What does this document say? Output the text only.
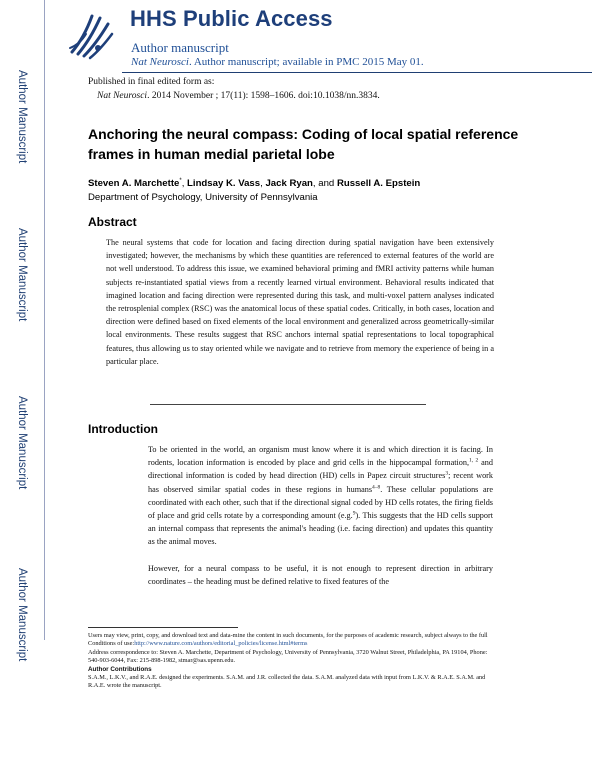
Author Manuscript
Author Manuscript
Author Manuscript
Author Manuscript
HHS Public Access
Author manuscript
Nat Neurosci. Author manuscript; available in PMC 2015 May 01.
Published in final edited form as:
Nat Neurosci. 2014 November ; 17(11): 1598–1606. doi:10.1038/nn.3834.
Anchoring the neural compass: Coding of local spatial reference frames in human medial parietal lobe
Steven A. Marchette*, Lindsay K. Vass, Jack Ryan, and Russell A. Epstein
Department of Psychology, University of Pennsylvania
Abstract
The neural systems that code for location and facing direction during spatial navigation have been extensively investigated; however, the mechanisms by which these quantities are referenced to external features of the world are not well understood. To address this issue, we examined behavioral priming and fMRI activity patterns while human subjects re-instantiated spatial views from a recently learned virtual environment. Behavioral results indicated that imagined location and facing direction were represented during this task, and multi-voxel pattern analyses indicated the retrosplenial complex (RSC) was the anatomical locus of these spatial codes. Critically, in both cases, location and direction were defined based on fixed elements of the local environment and generalized across geometrically-similar local environments. These results suggest that RSC anchors internal spatial representations to local topographical features, thus allowing us to stay oriented while we navigate and to retrieve from memory the experience of being in a particular place.
Introduction

To be oriented in the world, an organism must know where it is and which direction it is facing. In rodents, location information is encoded by place and grid cells in the hippocampal formation,$^{1, 2}$ and directional information is coded by head direction (HD) cells in Papez circuit structures$^3$; recent work has observed similar spatial codes in these regions in humans$^{4-8}$. These cellular populations are coordinated with each other, such that if the directional signal coded by HD cells rotates, the firing fields of place and grid cells rotate by a corresponding amount (e.g.$^9$). This suggests that the HD cells support an internal compass that represents the animal's heading (i.e. facing direction) and updates this quantity as the animal moves.

However, for a neural compass to be useful, it is not enough to represent direction in arbitrary coordinates – the heading must be defined relative to fixed features of the

Users may view, print, copy, and download text and data-mine the content in such documents, for the purposes of academic research, subject always to the full Conditions of use:http://www.nature.com/authors/editorial_policies/license.html#terms
Address correspondence to: Steven A. Marchette, Department of Psychology, University of Pennsylvania, 3720 Walnut Street, Philadelphia, PA 19104, Phone: 540-903-6044, Fax: 215-898-1982, stmar@sas.upenn.edu.
Author Contributions
S.A.M., L.K.V., and R.A.E. designed the experiments. S.A.M. and J.R. collected the data. S.A.M. analyzed data with input from L.K.V. & R.A.E. S.A.M. and R.A.E. wrote the manuscript.
